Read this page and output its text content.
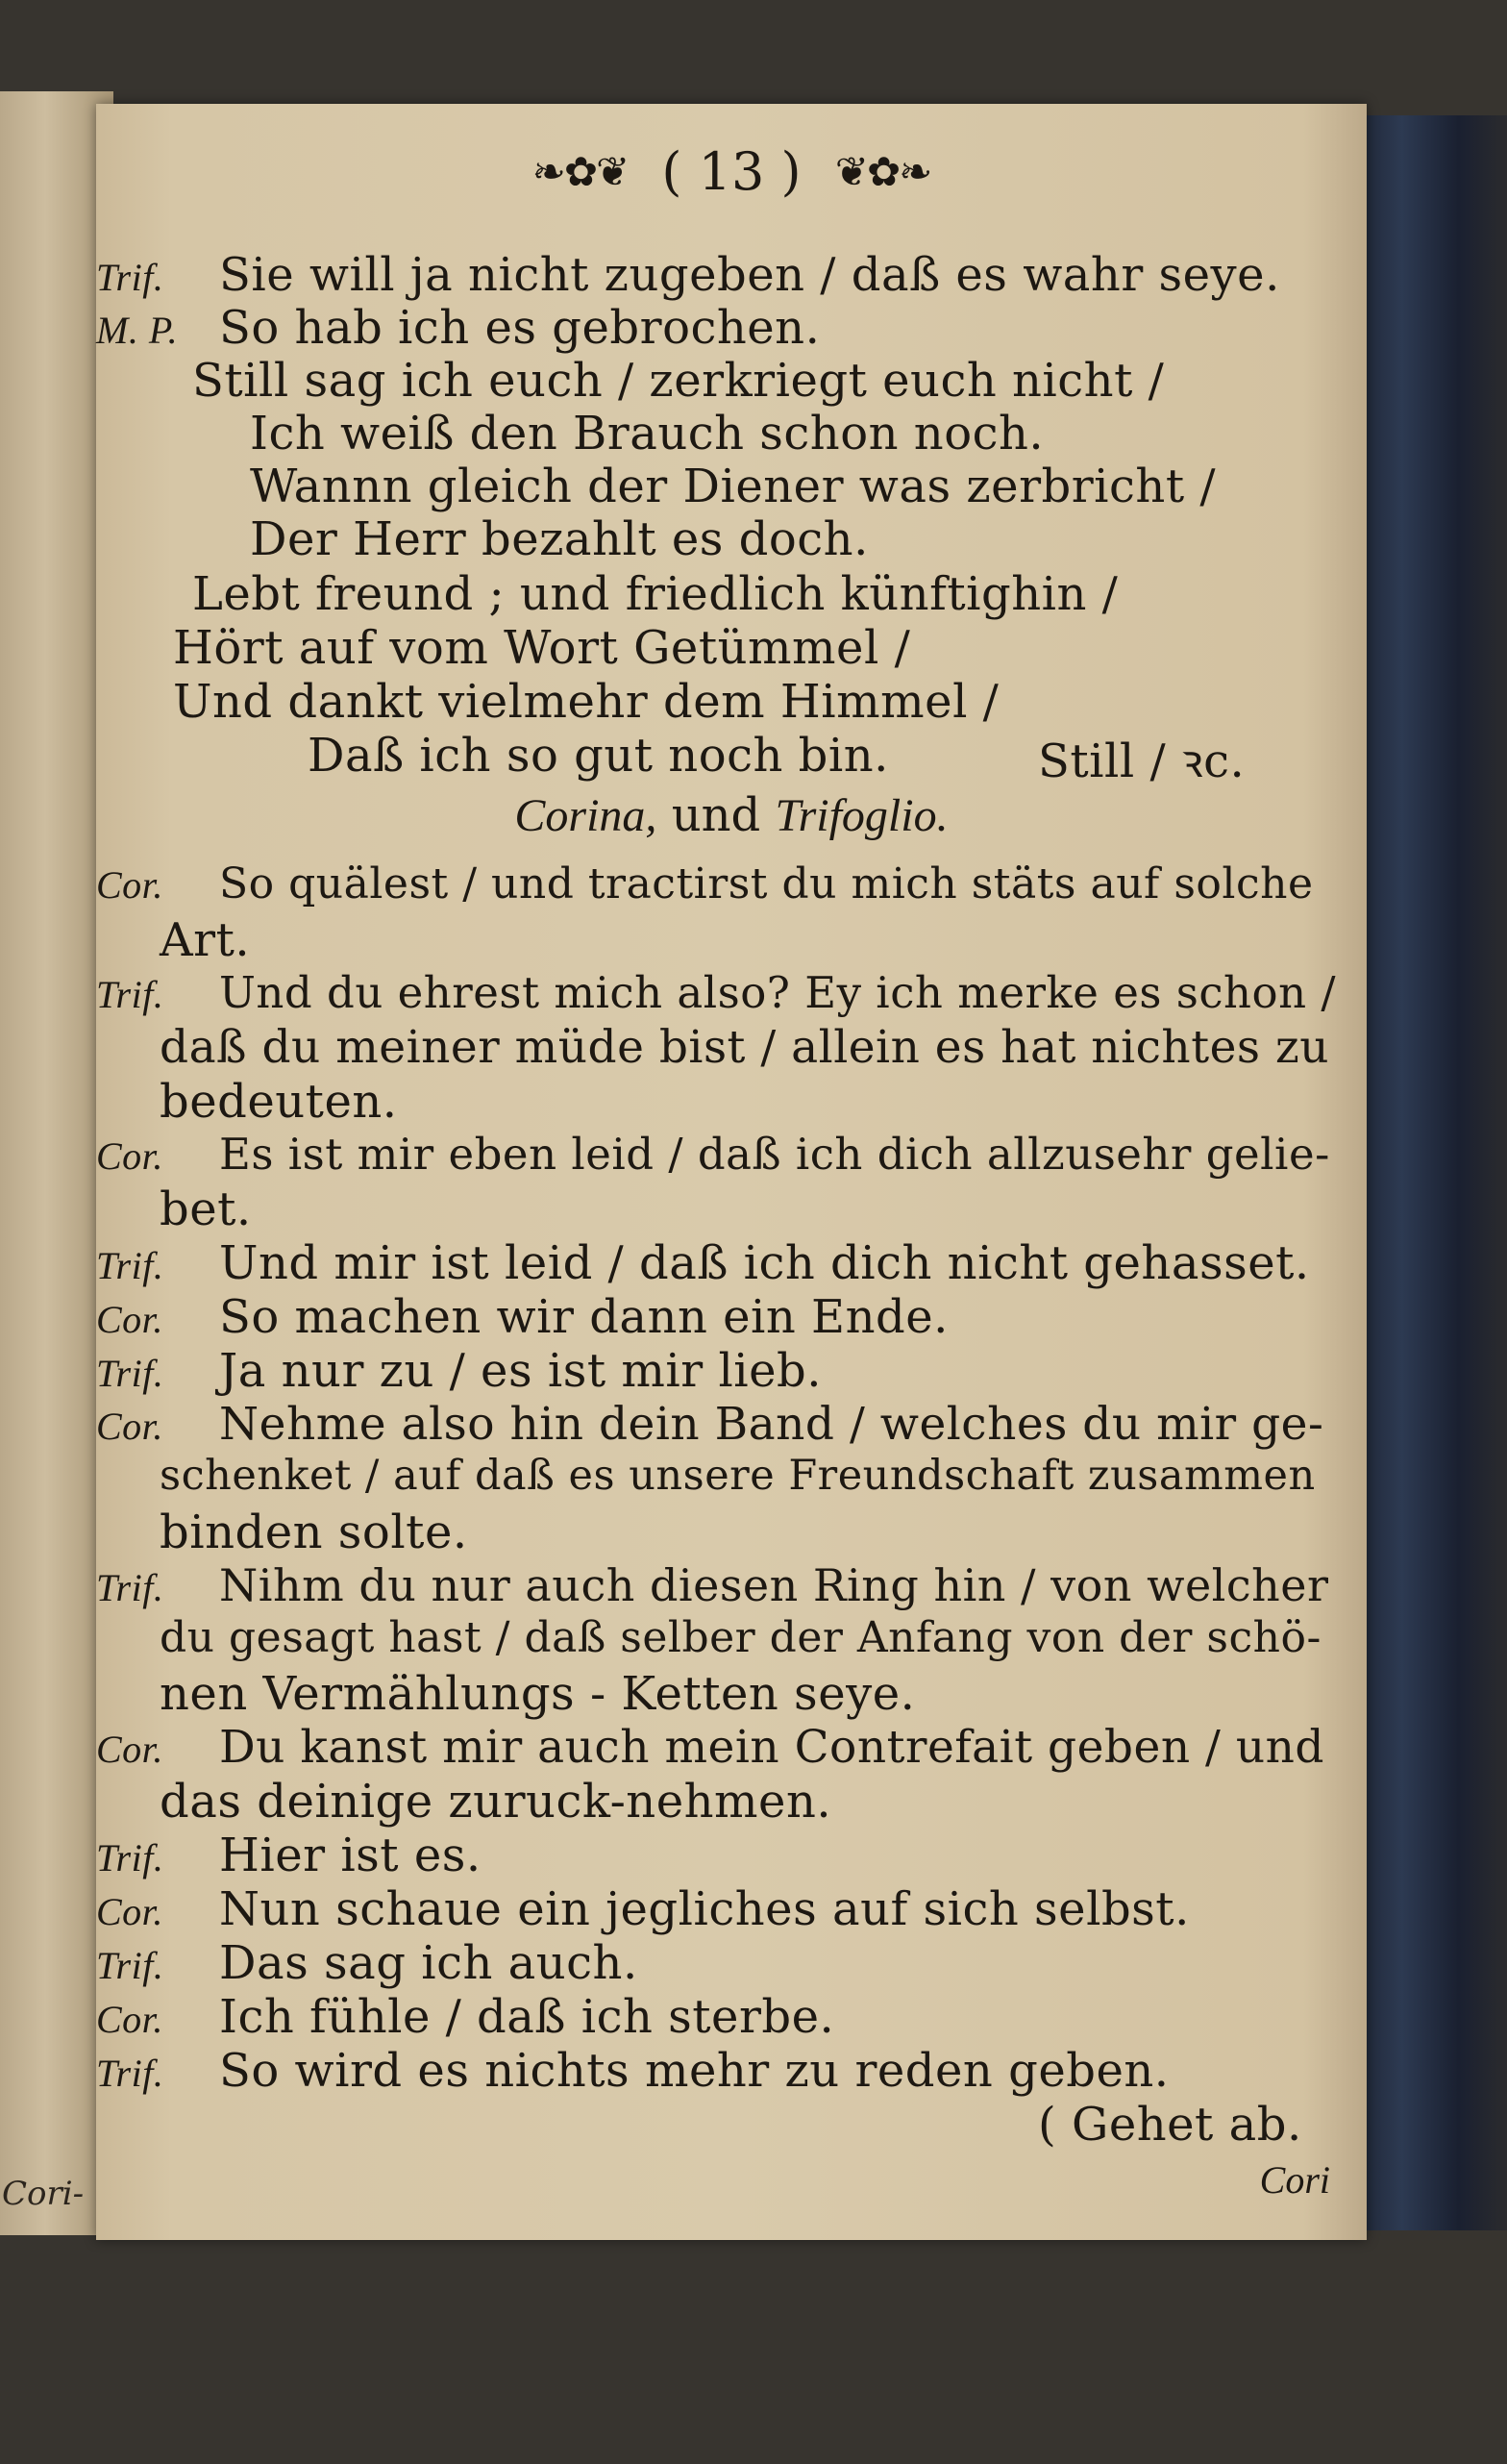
Cori-
❧✿❦ ( 13 ) ❦✿❧
Corina, und Trifoglio.
Trif. Sie will ja nicht zugeben / daß es wahr seye.
M. P. So hab ich es gebrochen.
Still sag ich euch / zerkriegt euch nicht /
Ich weiß den Brauch schon noch.
Wannn gleich der Diener was zerbricht /
Der Herr bezahlt es doch.
Lebt freund ; und friedlich künftighin /
Hört auf vom Wort Getümmel /
Und dankt vielmehr dem Himmel /
Daß ich so gut noch bin.	Still / ꝛc.
Cor. So quälest / und tractirst du mich stäts auf solche
Art.
Trif. Und du ehrest mich also? Ey ich merke es schon /
daß du meiner müde bist / allein es hat nichtes zu
bedeuten.
Cor. Es ist mir eben leid / daß ich dich allzusehr gelie-
bet.
Trif. Und mir ist leid / daß ich dich nicht gehasset.
Cor. So machen wir dann ein Ende.
Trif. Ja nur zu / es ist mir lieb.
Cor. Nehme also hin dein Band / welches du mir ge-
schenket / auf daß es unsere Freundschaft zusammen
binden solte.
Trif. Nihm du nur auch diesen Ring hin / von welcher
du gesagt hast / daß selber der Anfang von der schö-
nen Vermählungs - Ketten seye.
Cor. Du kanst mir auch mein Contrefait geben / und
das deinige zuruck-nehmen.
Trif. Hier ist es.
Cor. Nun schaue ein jegliches auf sich selbst.
Trif. Das sag ich auch.
Cor. Ich fühle / daß ich sterbe.
Trif. So wird es nichts mehr zu reden geben.
( Gehet ab.
Cori
